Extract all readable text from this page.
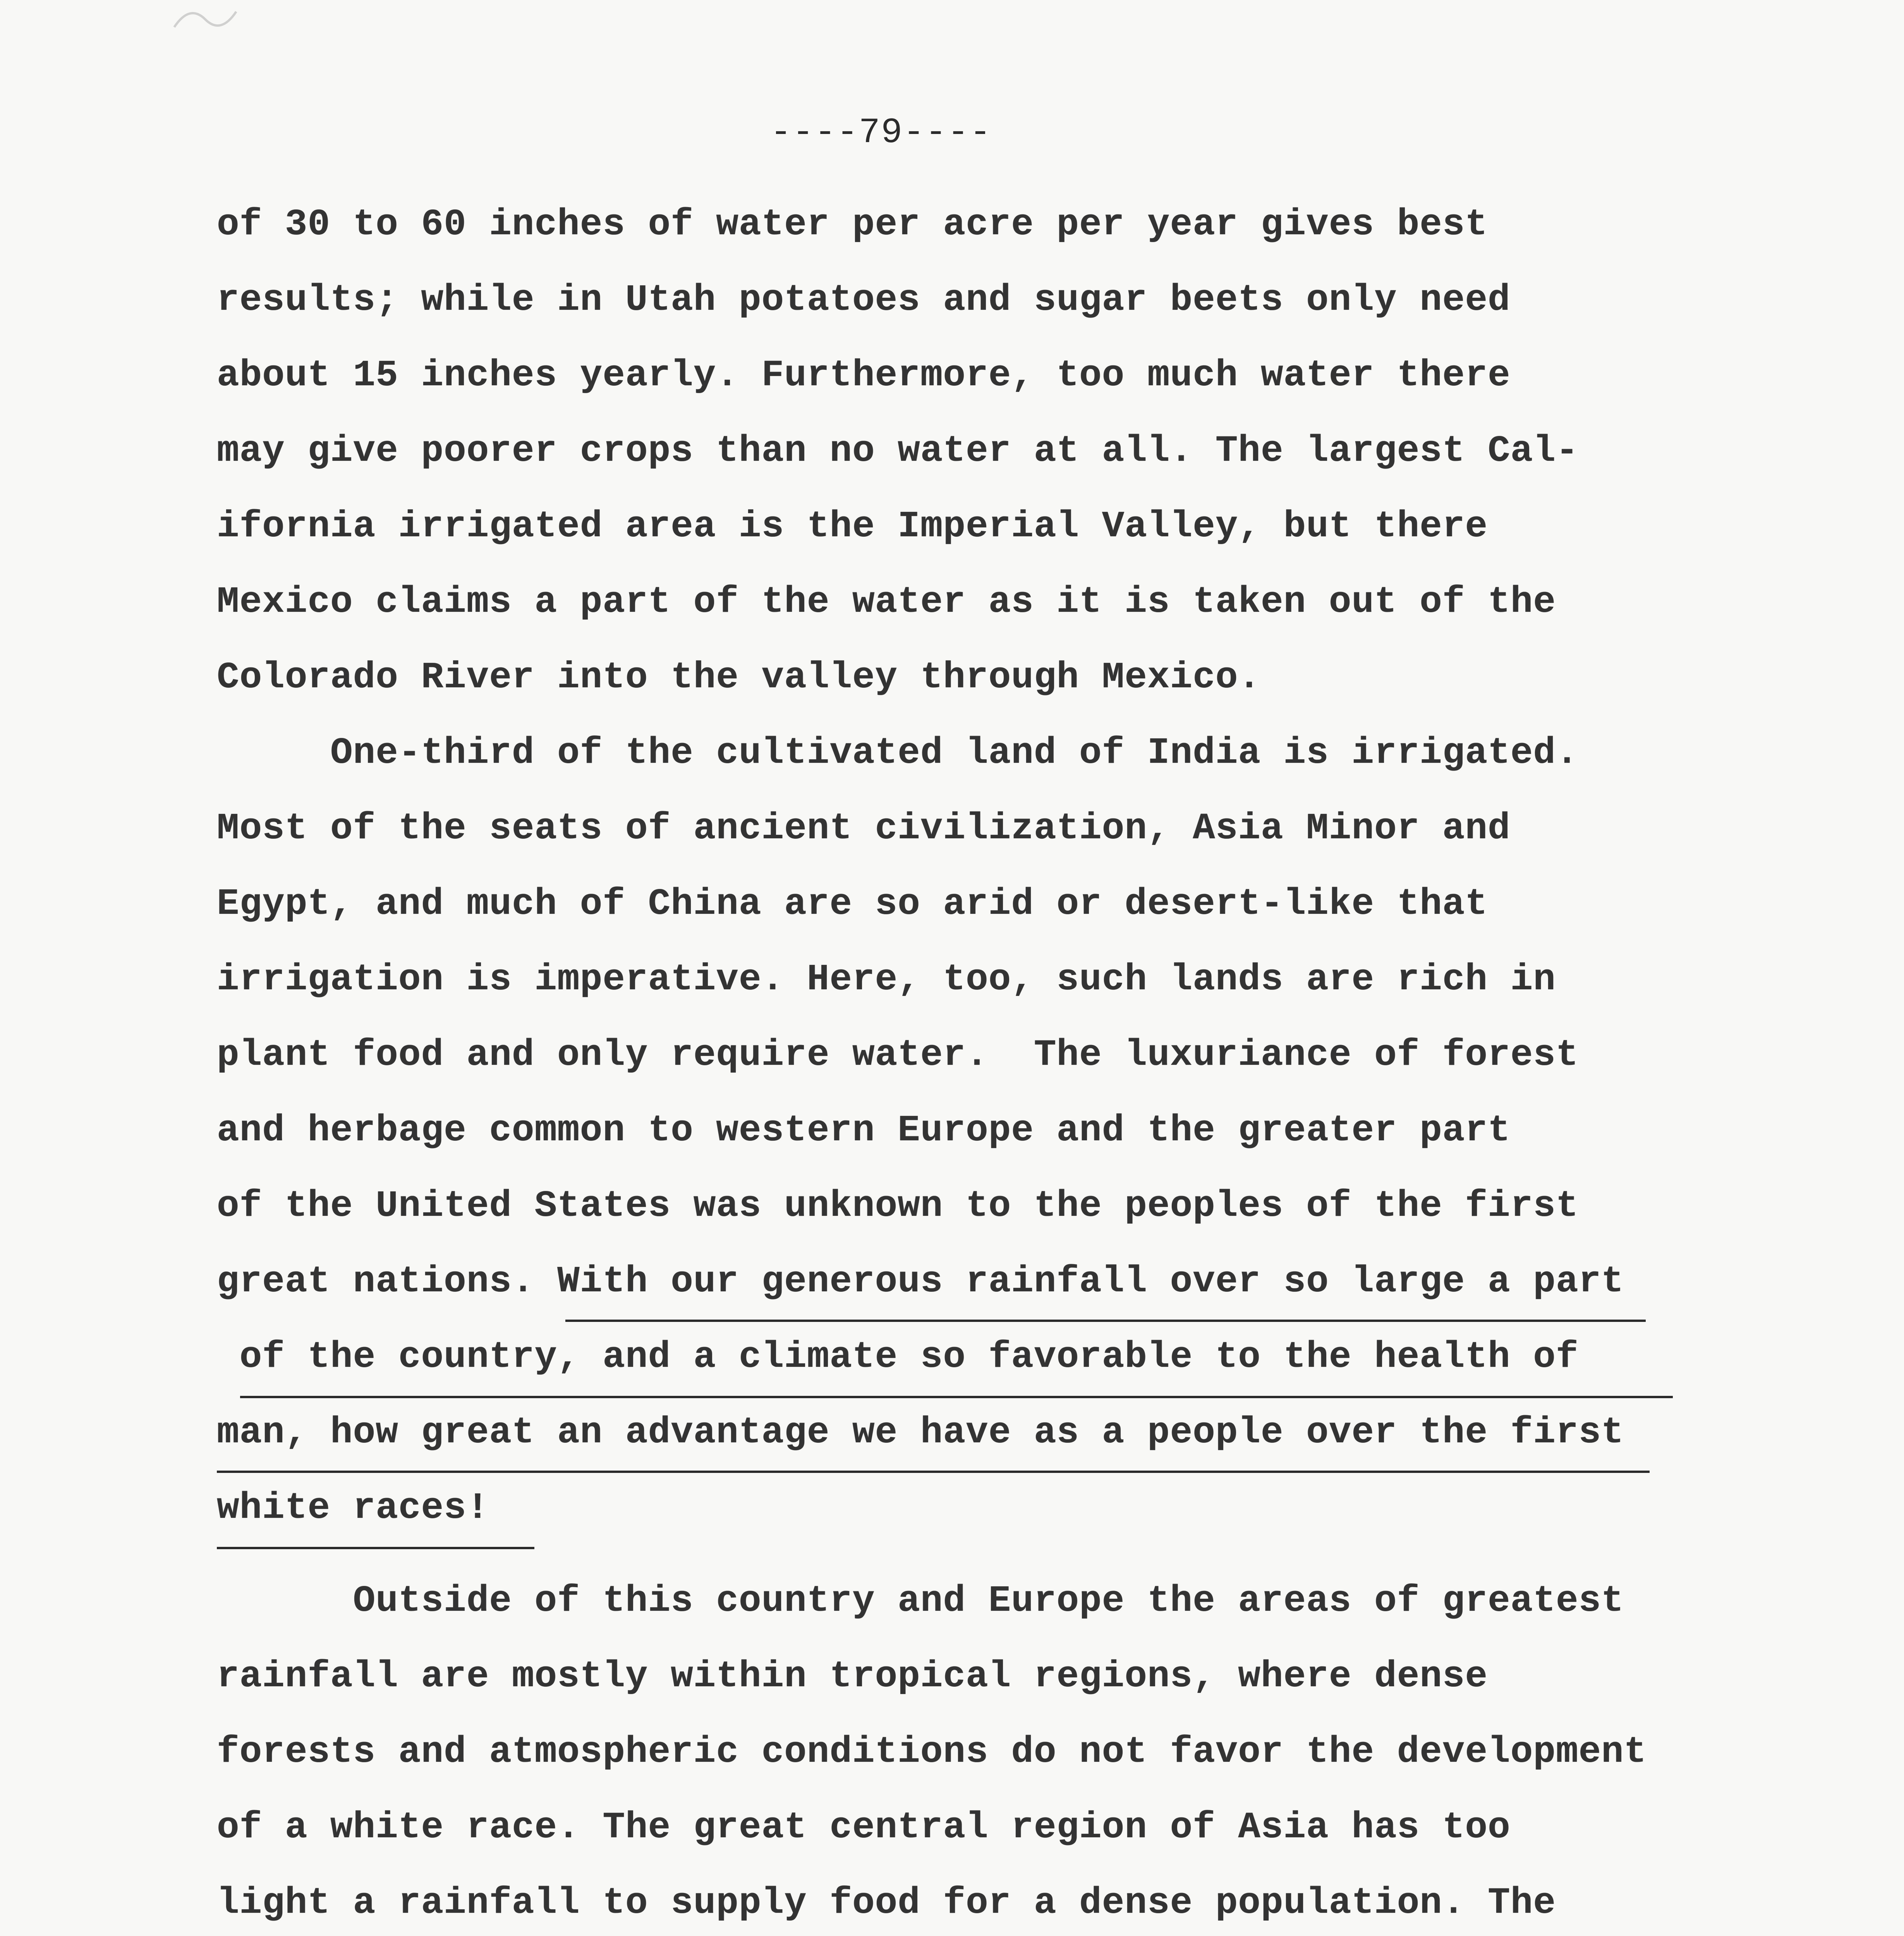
----79----
of 30 to 60 inches of water per acre per year gives best
results; while in Utah potatoes and sugar beets only need
about 15 inches yearly. Furthermore, too much water there
may give poorer crops than no water at all. The largest Cal-
ifornia irrigated area is the Imperial Valley, but there
Mexico claims a part of the water as it is taken out of the
Colorado River into the valley through Mexico.
One-third of the cultivated land of India is irrigated.
Most of the seats of ancient civilization, Asia Minor and
Egypt, and much of China are so arid or desert-like that
irrigation is imperative. Here, too, such lands are rich in
plant food and only require water.  The luxuriance of forest
and herbage common to western Europe and the greater part
of the United States was unknown to the peoples of the first
great nations. With our generous rainfall over so large a part
of the country, and a climate so favorable to the health of
man, how great an advantage we have as a people over the first
white races!
Outside of this country and Europe the areas of greatest
rainfall are mostly within tropical regions, where dense
forests and atmospheric conditions do not favor the development
of a white race. The great central region of Asia has too
light a rainfall to supply food for a dense population. The
